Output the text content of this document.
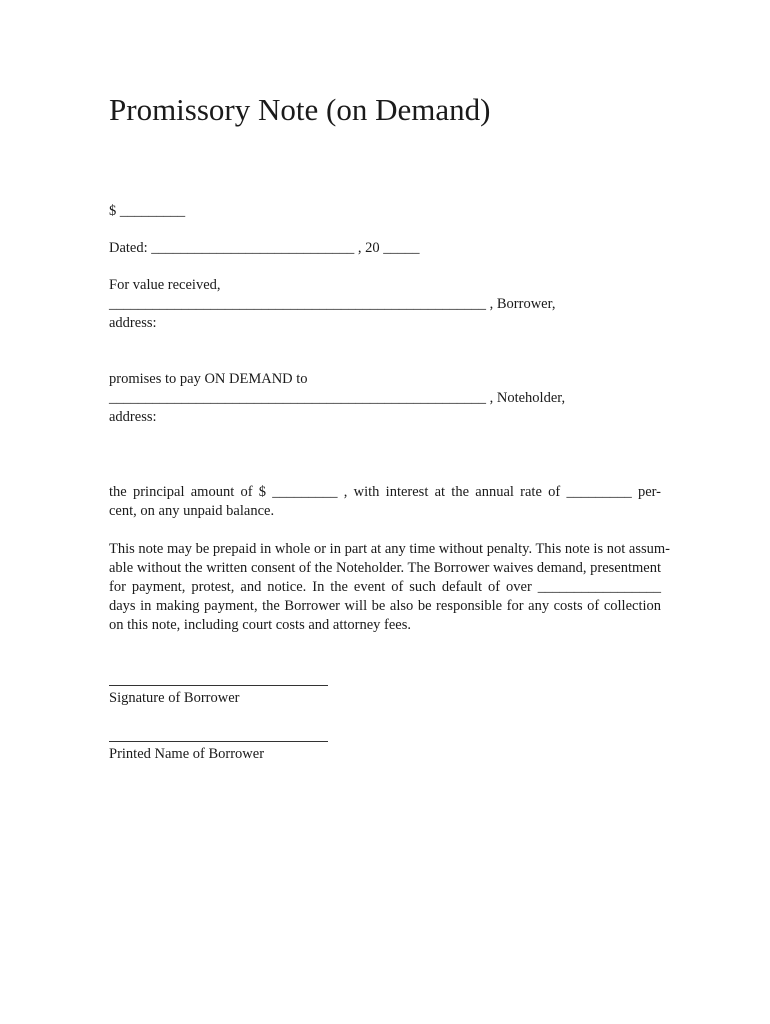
Promissory Note (on Demand)
$ _________
Dated: ____________________________ , 20 _____
For value received,
____________________________________________________ , Borrower,
address:
promises to pay ON DEMAND to
____________________________________________________ , Noteholder,
address:
the principal amount of $ _________ , with interest at the annual rate of _________ per-
cent, on any unpaid balance.
This note may be prepaid in whole or in part at any time without penalty. This note is not assum-
able without the written consent of the Noteholder. The Borrower waives demand, presentment
for payment, protest, and notice. In the event of such default of over _________________
days in making payment, the Borrower will be also be responsible for any costs of collection
on this note, including court costs and attorney fees.
Signature of Borrower
Printed Name of Borrower
